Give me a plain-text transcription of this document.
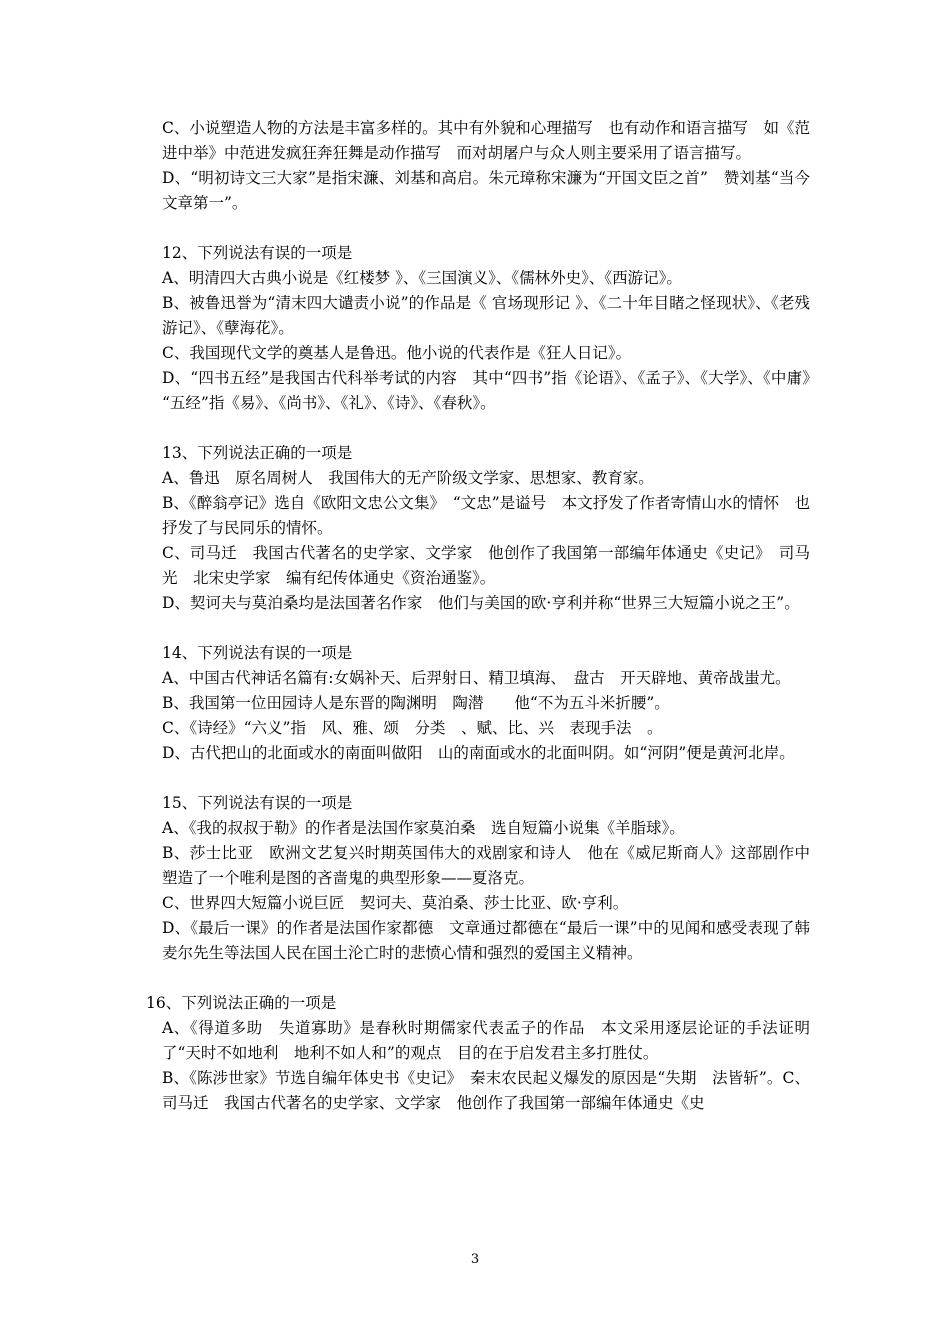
C、小说塑造人物的方法是丰富多样的。其中有外貌和心理描写　也有动作和语言描写　如《范进中举》中范进发疯狂奔狂舞是动作描写　而对胡屠户与众人则主要采用了语言描写。

D、“明初诗文三大家”是指宋濂、刘基和高启。朱元璋称宋濂为“开国文臣之首”　赞刘基“当今文章第一”。

12、下列说法有误的一项是

A、明清四大古典小说是《红楼梦 》、《三国演义》、《儒林外史》、《西游记》。

B、被鲁迅誉为“清末四大谴责小说”的作品是《 官场现形记 》、《二十年目睹之怪现状》、《老残游记》、《孽海花》。

C、我国现代文学的奠基人是鲁迅。他小说的代表作是《狂人日记》。

D、“四书五经”是我国古代科举考试的内容　其中“四书”指《论语》、《孟子》、《大学》、《中庸》　“五经”指《易》、《尚书》、《礼》、《诗》、《春秋》。

13、下列说法正确的一项是

A、鲁迅　原名周树人　我国伟大的无产阶级文学家、思想家、教育家。

B、《醉翁亭记》选自《欧阳文忠公文集》　“文忠”是谥号　本文抒发了作者寄情山水的情怀　也抒发了与民同乐的情怀。

C、司马迁　我国古代著名的史学家、文学家　他创作了我国第一部编年体通史《史记》　司马光　北宋史学家　编有纪传体通史《资治通鉴》。

D、契诃夫与莫泊桑均是法国著名作家　他们与美国的欧·亨利并称“世界三大短篇小说之王”。

14、下列说法有误的一项是

A、中国古代神话名篇有:女娲补天、后羿射日、精卫填海、　盘古　开天辟地、黄帝战蚩尤。

B、我国第一位田园诗人是东晋的陶渊明　陶潜　　他“不为五斗米折腰”。

C、《诗经》“六义”指　风、雅、颂　分类　、赋、比、兴　表现手法　。

D、古代把山的北面或水的南面叫做阳　山的南面或水的北面叫阴。如“河阴”便是黄河北岸。

15、下列说法有误的一项是

A、《我的叔叔于勒》的作者是法国作家莫泊桑　选自短篇小说集《羊脂球》。

B、莎士比亚　欧洲文艺复兴时期英国伟大的戏剧家和诗人　他在《威尼斯商人》这部剧作中　塑造了一个唯利是图的吝啬鬼的典型形象——夏洛克。

C、世界四大短篇小说巨匠　契诃夫、莫泊桑、莎士比亚、欧·亨利。

D、《最后一课》的作者是法国作家都德　文章通过都德在“最后一课”中的见闻和感受表现了韩麦尔先生等法国人民在国土沦亡时的悲愤心情和强烈的爱国主义精神。

16、下列说法正确的一项是

A、《得道多助　失道寡助》是春秋时期儒家代表孟子的作品　本文采用逐层论证的手法证明了“天时不如地利　地利不如人和”的观点　目的在于启发君主多打胜仗。

B、《陈涉世家》节选自编年体史书《史记》　秦末农民起义爆发的原因是“失期　法皆斩”。C、司马迁　我国古代著名的史学家、文学家　他创作了我国第一部编年体通史《史

3
